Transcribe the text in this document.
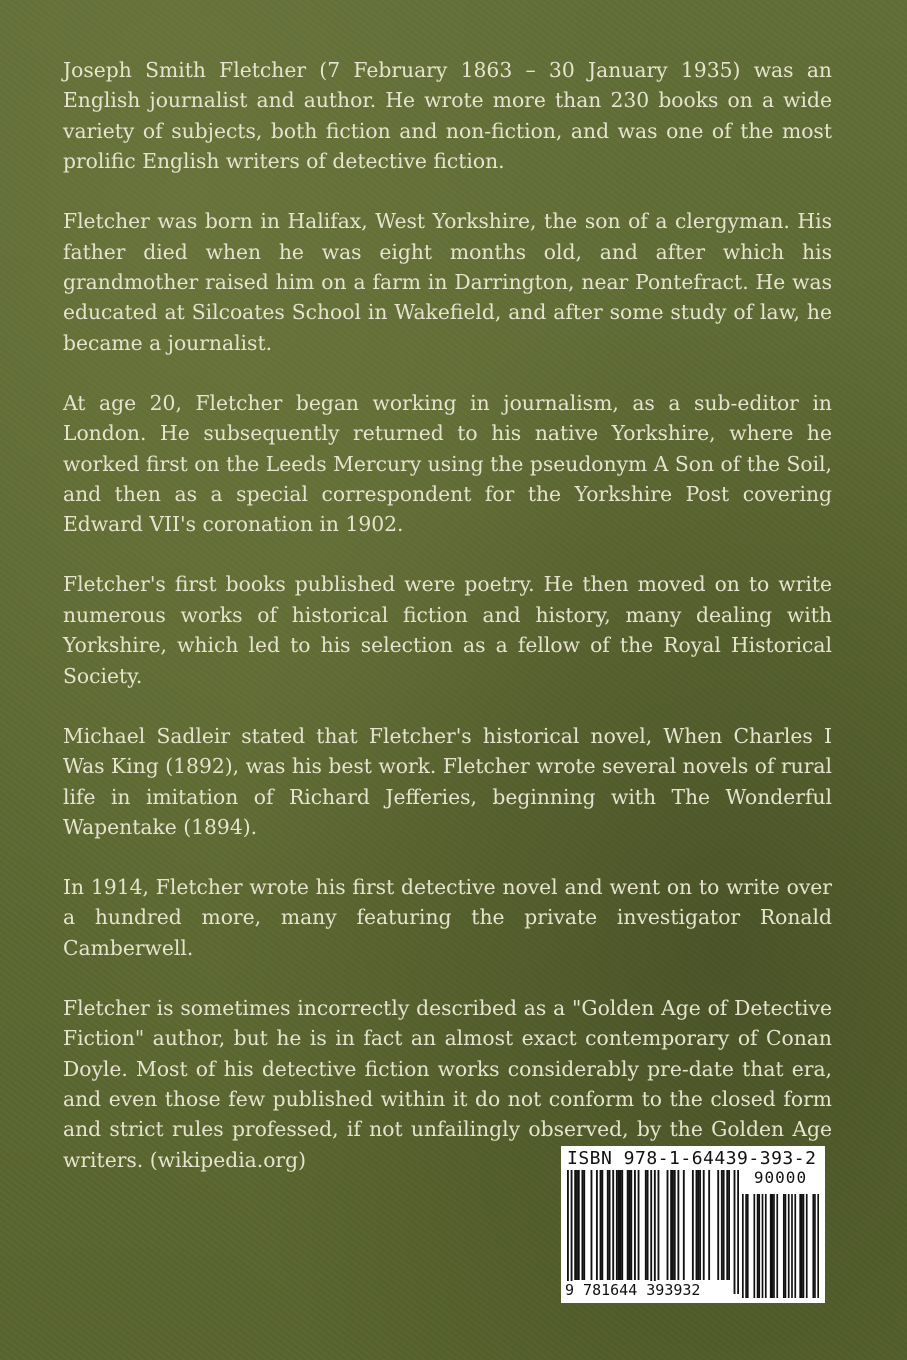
Joseph Smith Fletcher (7 February 1863 – 30 January 1935) was an English journalist and author. He wrote more than 230 books on a wide variety of subjects, both fiction and non-fiction, and was one of the most prolific English writers of detective fiction.

Fletcher was born in Halifax, West Yorkshire, the son of a clergyman. His father died when he was eight months old, and after which his grandmother raised him on a farm in Darrington, near Pontefract. He was educated at Silcoates School in Wakefield, and after some study of law, he became a journalist.

At age 20, Fletcher began working in journalism, as a sub-editor in London. He subsequently returned to his native Yorkshire, where he worked first on the Leeds Mercury using the pseudonym A Son of the Soil, and then as a special correspondent for the Yorkshire Post covering Edward VII's coronation in 1902.

Fletcher's first books published were poetry. He then moved on to write numerous works of historical fiction and history, many dealing with Yorkshire, which led to his selection as a fellow of the Royal Historical Society.

Michael Sadleir stated that Fletcher's historical novel, When Charles I Was King (1892), was his best work. Fletcher wrote several novels of rural life in imitation of Richard Jefferies, beginning with The Wonderful Wapentake (1894).

In 1914, Fletcher wrote his first detective novel and went on to write over a hundred more, many featuring the private investigator Ronald Camberwell.

Fletcher is sometimes incorrectly described as a "Golden Age of Detective Fiction" author, but he is in fact an almost exact contemporary of Conan Doyle. Most of his detective fiction works considerably pre-date that era, and even those few published within it do not conform to the closed form and strict rules professed, if not unfailingly observed, by the Golden Age writers. (wikipedia.org)	ISBN 978-1-64439-393-2
90000
9 781644 393932
